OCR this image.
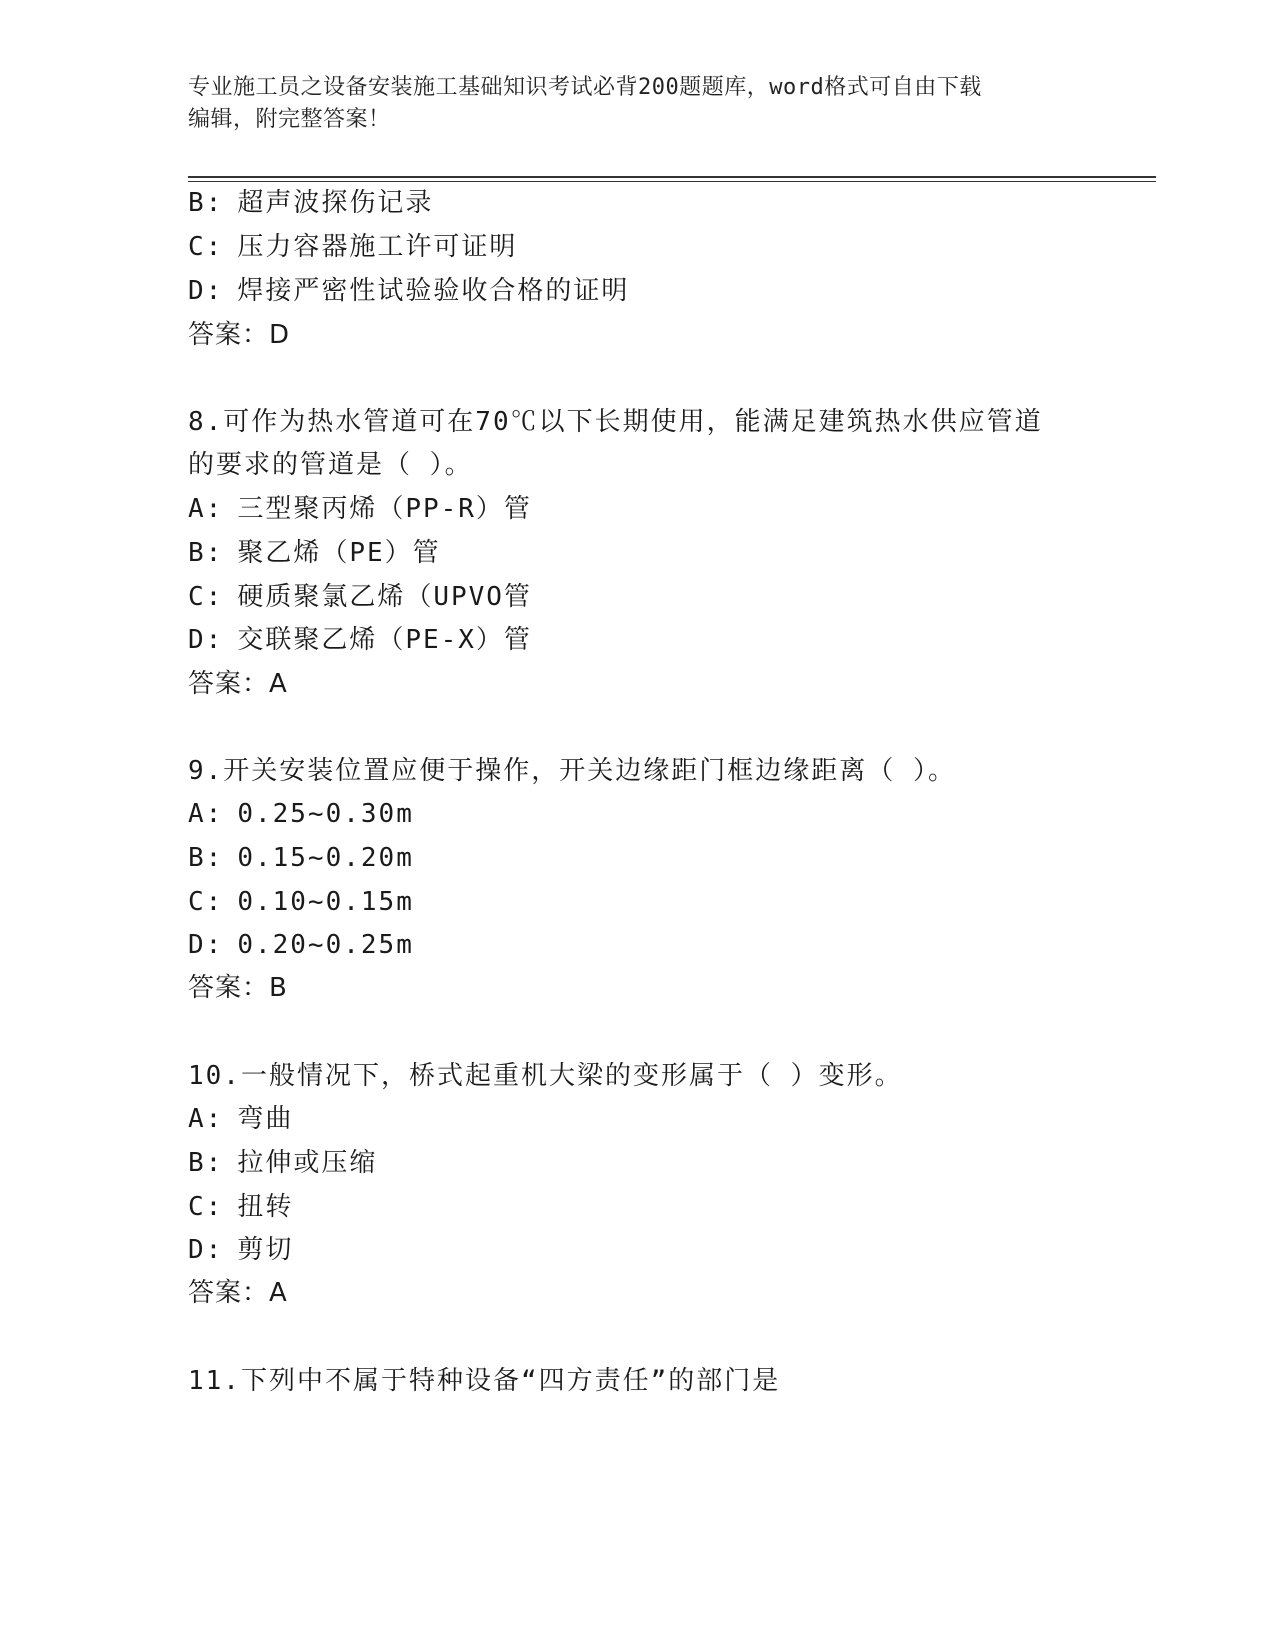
专业施工员之设备安装施工基础知识考试必背200题题库，word格式可自由下载
编辑，附完整答案！
B: 超声波探伤记录
C: 压力容器施工许可证明
D: 焊接严密性试验验收合格的证明
答案：D
8.可作为热水管道可在70℃以下长期使用，能满足建筑热水供应管道
的要求的管道是（ ）。
A: 三型聚丙烯（PP-R）管
B: 聚乙烯（PE）管
C: 硬质聚氯乙烯（UPVO管
D: 交联聚乙烯（PE-X）管
答案：A
9.开关安装位置应便于操作，开关边缘距门框边缘距离（ ）。
A: 0.25~0.30m
B: 0.15~0.20m
C: 0.10~0.15m
D: 0.20~0.25m
答案：B
10.一般情况下，桥式起重机大梁的变形属于（ ）变形。
A: 弯曲
B: 拉伸或压缩
C: 扭转
D: 剪切
答案：A
11.下列中不属于特种设备“四方责任”的部门是
